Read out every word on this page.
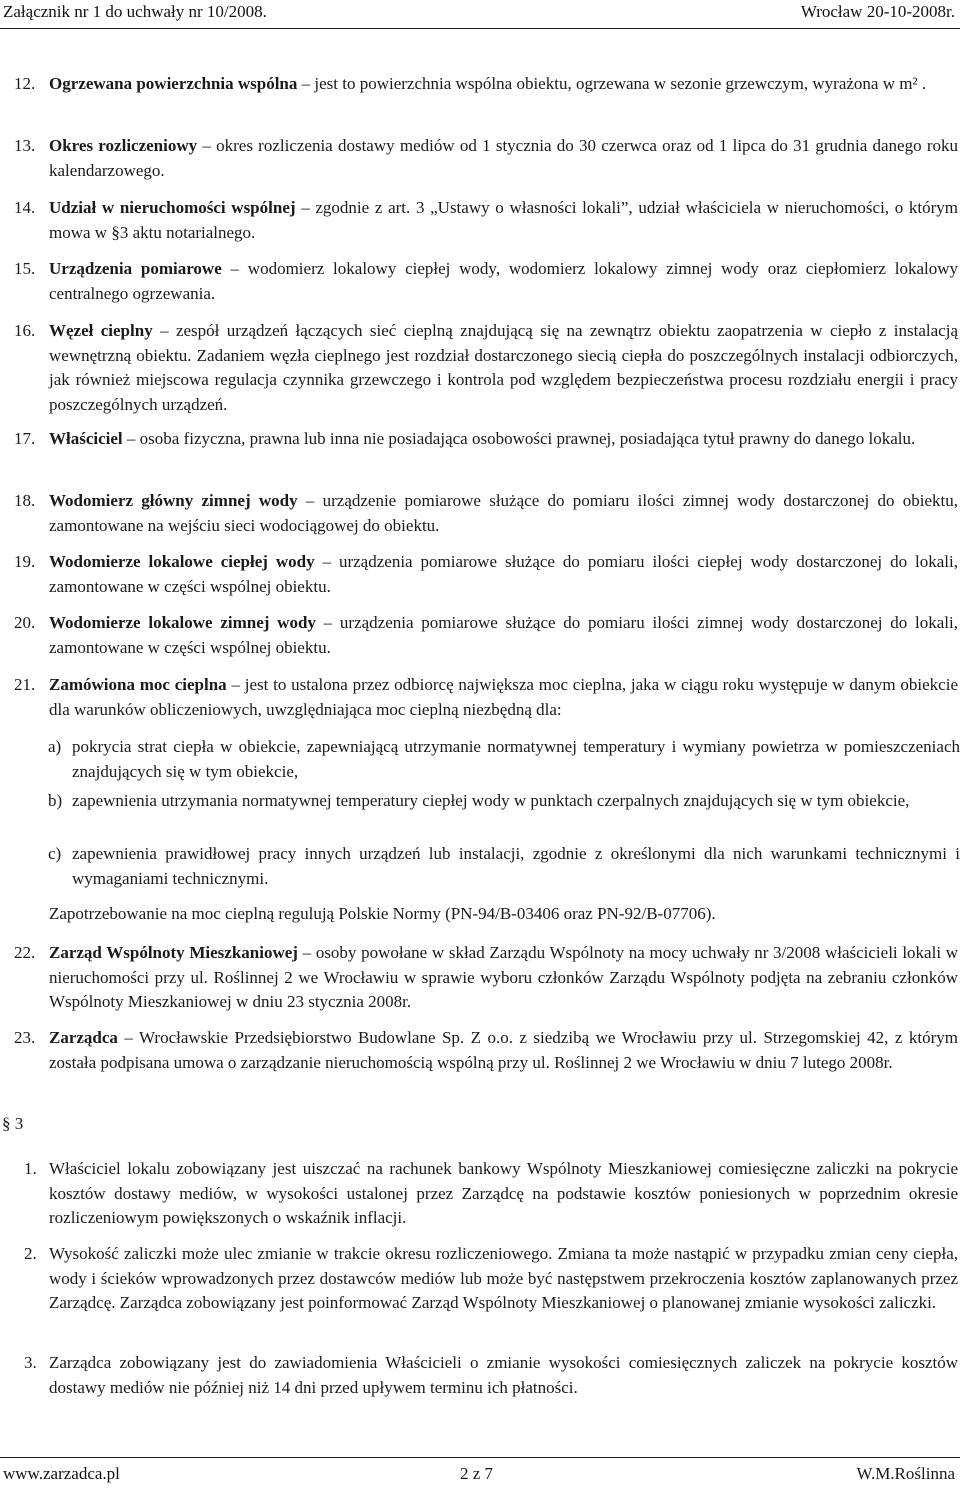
Załącznik nr 1 do uchwały nr 10/2008.	Wrocław 20-10-2008r.
12. Ogrzewana powierzchnia wspólna – jest to powierzchnia wspólna obiektu, ogrzewana w sezonie grzewczym, wyrażona w m² .
13. Okres rozliczeniowy – okres rozliczenia dostawy mediów od 1 stycznia do 30 czerwca oraz od 1 lipca do 31 grudnia danego roku kalendarzowego.
14. Udział w nieruchomości wspólnej – zgodnie z art. 3 „Ustawy o własności lokali”, udział właściciela w nieruchomości, o którym mowa w §3 aktu notarialnego.
15. Urządzenia pomiarowe – wodomierz lokalowy ciepłej wody, wodomierz lokalowy zimnej wody oraz ciepłomierz lokalowy centralnego ogrzewania.
16. Węzeł cieplny – zespół urządzeń łączących sieć cieplną znajdującą się na zewnątrz obiektu zaopatrzenia w ciepło z instalacją wewnętrzną obiektu. Zadaniem węzła cieplnego jest rozdział dostarczonego siecią ciepła do poszczególnych instalacji odbiorczych, jak również miejscowa regulacja czynnika grzewczego i kontrola pod względem bezpieczeństwa procesu rozdziału energii i pracy poszczególnych urządzeń.
17. Właściciel – osoba fizyczna, prawna lub inna nie posiadająca osobowości prawnej, posiadająca tytuł prawny do danego lokalu.
18. Wodomierz główny zimnej wody – urządzenie pomiarowe służące do pomiaru ilości zimnej wody dostarczonej do obiektu, zamontowane na wejściu sieci wodociągowej do obiektu.
19. Wodomierze lokalowe ciepłej wody – urządzenia pomiarowe służące do pomiaru ilości ciepłej wody dostarczonej do lokali, zamontowane w części wspólnej obiektu.
20. Wodomierze lokalowe zimnej wody – urządzenia pomiarowe służące do pomiaru ilości zimnej wody dostarczonej do lokali, zamontowane w części wspólnej obiektu.
21. Zamówiona moc cieplna – jest to ustalona przez odbiorcę największa moc cieplna, jaka w ciągu roku występuje w danym obiekcie dla warunków obliczeniowych, uwzględniająca moc cieplną niezbędną dla:
a) pokrycia strat ciepła w obiekcie, zapewniającą utrzymanie normatywnej temperatury i wymiany powietrza w pomieszczeniach znajdujących się w tym obiekcie,
b) zapewnienia utrzymania normatywnej temperatury ciepłej wody w punktach czerpalnych znajdujących się w tym obiekcie,
c) zapewnienia prawidłowej pracy innych urządzeń lub instalacji, zgodnie z określonymi dla nich warunkami technicznymi i wymaganiami technicznymi.
Zapotrzebowanie na moc cieplną regulują Polskie Normy (PN-94/B-03406 oraz PN-92/B-07706).
22. Zarząd Wspólnoty Mieszkaniowej – osoby powołane w skład Zarządu Wspólnoty na mocy uchwały nr 3/2008 właścicieli lokali w nieruchomości przy ul. Roślinnej 2 we Wrocławiu w sprawie wyboru członków Zarządu Wspólnoty podjęta na zebraniu członków Wspólnoty Mieszkaniowej w dniu 23 stycznia 2008r.
23. Zarządca – Wrocławskie Przedsiębiorstwo Budowlane Sp. Z o.o. z siedzibą we Wrocławiu przy ul. Strzegomskiej 42, z którym została podpisana umowa o zarządzanie nieruchomością wspólną przy ul. Roślinnej 2 we Wrocławiu w dniu 7 lutego 2008r.
§ 3
1. Właściciel lokalu zobowiązany jest uiszczać na rachunek bankowy Wspólnoty Mieszkaniowej comiesięczne zaliczki na pokrycie kosztów dostawy mediów, w wysokości ustalonej przez Zarządcę na podstawie kosztów poniesionych w poprzednim okresie rozliczeniowym powiększonych o wskaźnik inflacji.
2. Wysokość zaliczki może ulec zmianie w trakcie okresu rozliczeniowego. Zmiana ta może nastąpić w przypadku zmian ceny ciepła, wody i ścieków wprowadzonych przez dostawców mediów lub może być następstwem przekroczenia kosztów zaplanowanych przez Zarządcę. Zarządca zobowiązany jest poinformować Zarząd Wspólnoty Mieszkaniowej o planowanej zmianie wysokości zaliczki.
3. Zarządca zobowiązany jest do zawiadomienia Właścicieli o zmianie wysokości comiesięcznych zaliczek na pokrycie kosztów dostawy mediów nie później niż 14 dni przed upływem terminu ich płatności.
www.zarzadca.pl	2 z 7	W.M.Roślinna
